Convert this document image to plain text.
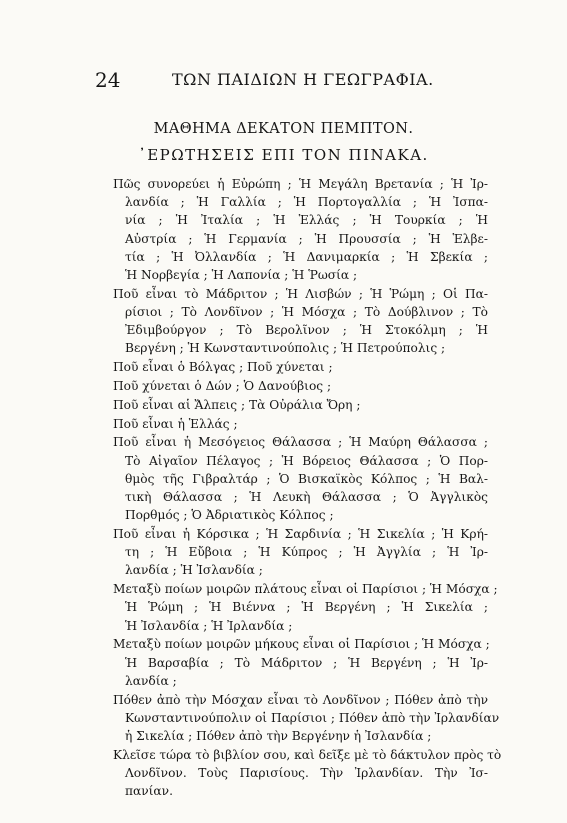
24	ΤΩΝ ΠΑΙΔΙΩΝ Η ΓΕΩΓΡΑΦΙΑ.
ΜΑΘΗΜΑ ΔΕΚΑΤΟΝ ΠΕΜΠΤΟΝ.
᾿ΕΡΩΤΗΣΕΙΣ ΕΠΙ ΤΟΝ ΠΙΝΑΚΑ.
Πῶς συνορεύει ἡ Εὐρώπη ; Ἡ Μεγάλη Βρετανία ; Ἡ Ἰρ-
λανδία ; Ἡ Γαλλία ; Ἡ Πορτογαλλία ; Ἡ Ἰσπα-
νία ; Ἡ Ἰταλία ; Ἡ Ἑλλάς ; Ἡ Τουρκία ; Ἡ
Αὐστρία ; Ἡ Γερμανία ; Ἡ Προυσσία ; Ἡ Ἑλβε-
τία ; Ἡ Ὀλλανδία ; Ἡ Δανιμαρκία ; Ἡ Σβεκία ;
Ἡ Νορβεγία ; Ἡ Λαπονία ; Ἡ Ῥωσία ;
Ποῦ εἶναι τὸ Μάδριτον ; Ἡ Λισβών ; Ἡ Ῥώμη ; Οἱ Πα-
ρίσιοι ; Τὸ Λονδῖνον ; Ἡ Μόσχα ; Τὸ Δούβλινον ; Τὸ
Ἐδιμβούργον ; Τὸ Βερολῖνον ; Ἡ Στοκόλμη ; Ἡ
Βεργένη ; Ἡ Κωνσταντινούπολις ; Ἡ Πετρούπολις ;
Ποῦ εἶναι ὁ Βόλγας ; Ποῦ χύνεται ;
Ποῦ χύνεται ὁ Δών ; Ὁ Δανούβιος ;
Ποῦ εἶναι αἱ Ἄλπεις ; Τὰ Οὐράλια Ὄρη ;
Ποῦ εἶναι ἡ Ἑλλάς ;
Ποῦ εἶναι ἡ Μεσόγειος Θάλασσα ; Ἡ Μαύρη Θάλασσα ;
Τὸ Αἰγαῖον Πέλαγος ; Ἡ Βόρειος Θάλασσα ; Ὁ Πορ-
θμὸς τῆς Γιβραλτάρ ; Ὁ Βισκαϊκὸς Κόλπος ; Ἡ Βαλ-
τικὴ Θάλασσα ; Ἡ Λευκὴ Θάλασσα ; Ὁ Ἀγγλικὸς
Πορθμός ; Ὁ Ἀδριατικὸς Κόλπος ;
Ποῦ εἶναι ἡ Κόρσικα ; Ἡ Σαρδινία ; Ἡ Σικελία ; Ἡ Κρή-
τη ; Ἡ Εὔβοια ; Ἡ Κύπρος ; Ἡ Ἀγγλία ; Ἡ Ἰρ-
λανδία ; Ἡ Ἰσλανδία ;
Μεταξὺ ποίων μοιρῶν πλάτους εἶναι οἱ Παρίσιοι ; Ἡ Μόσχα ;
Ἡ Ῥώμη ; Ἡ Βιέννα ; Ἡ Βεργένη ; Ἡ Σικελία ;
Ἡ Ἰσλανδία ; Ἡ Ἰρλανδία ;
Μεταξὺ ποίων μοιρῶν μήκους εἶναι οἱ Παρίσιοι ; Ἡ Μόσχα ;
Ἡ Βαρσαβία ; Τὸ Μάδριτον ; Ἡ Βεργένη ; Ἡ Ἰρ-
λανδία ;
Πόθεν ἀπὸ τὴν Μόσχαν εἶναι τὸ Λονδῖνον ; Πόθεν ἀπὸ τὴν
Κωνσταντινούπολιν οἱ Παρίσιοι ; Πόθεν ἀπὸ τὴν Ἰρλανδίαν
ἡ Σικελία ; Πόθεν ἀπὸ τὴν Βεργένην ἡ Ἰσλανδία ;
Κλεῖσε τώρα τὸ βιβλίον σου, καὶ δεῖξε μὲ τὸ δάκτυλον πρὸς τὸ
Λονδῖνον. Τοὺς Παρισίους. Τὴν Ἰρλανδίαν. Τὴν Ἰσ-
πανίαν.
